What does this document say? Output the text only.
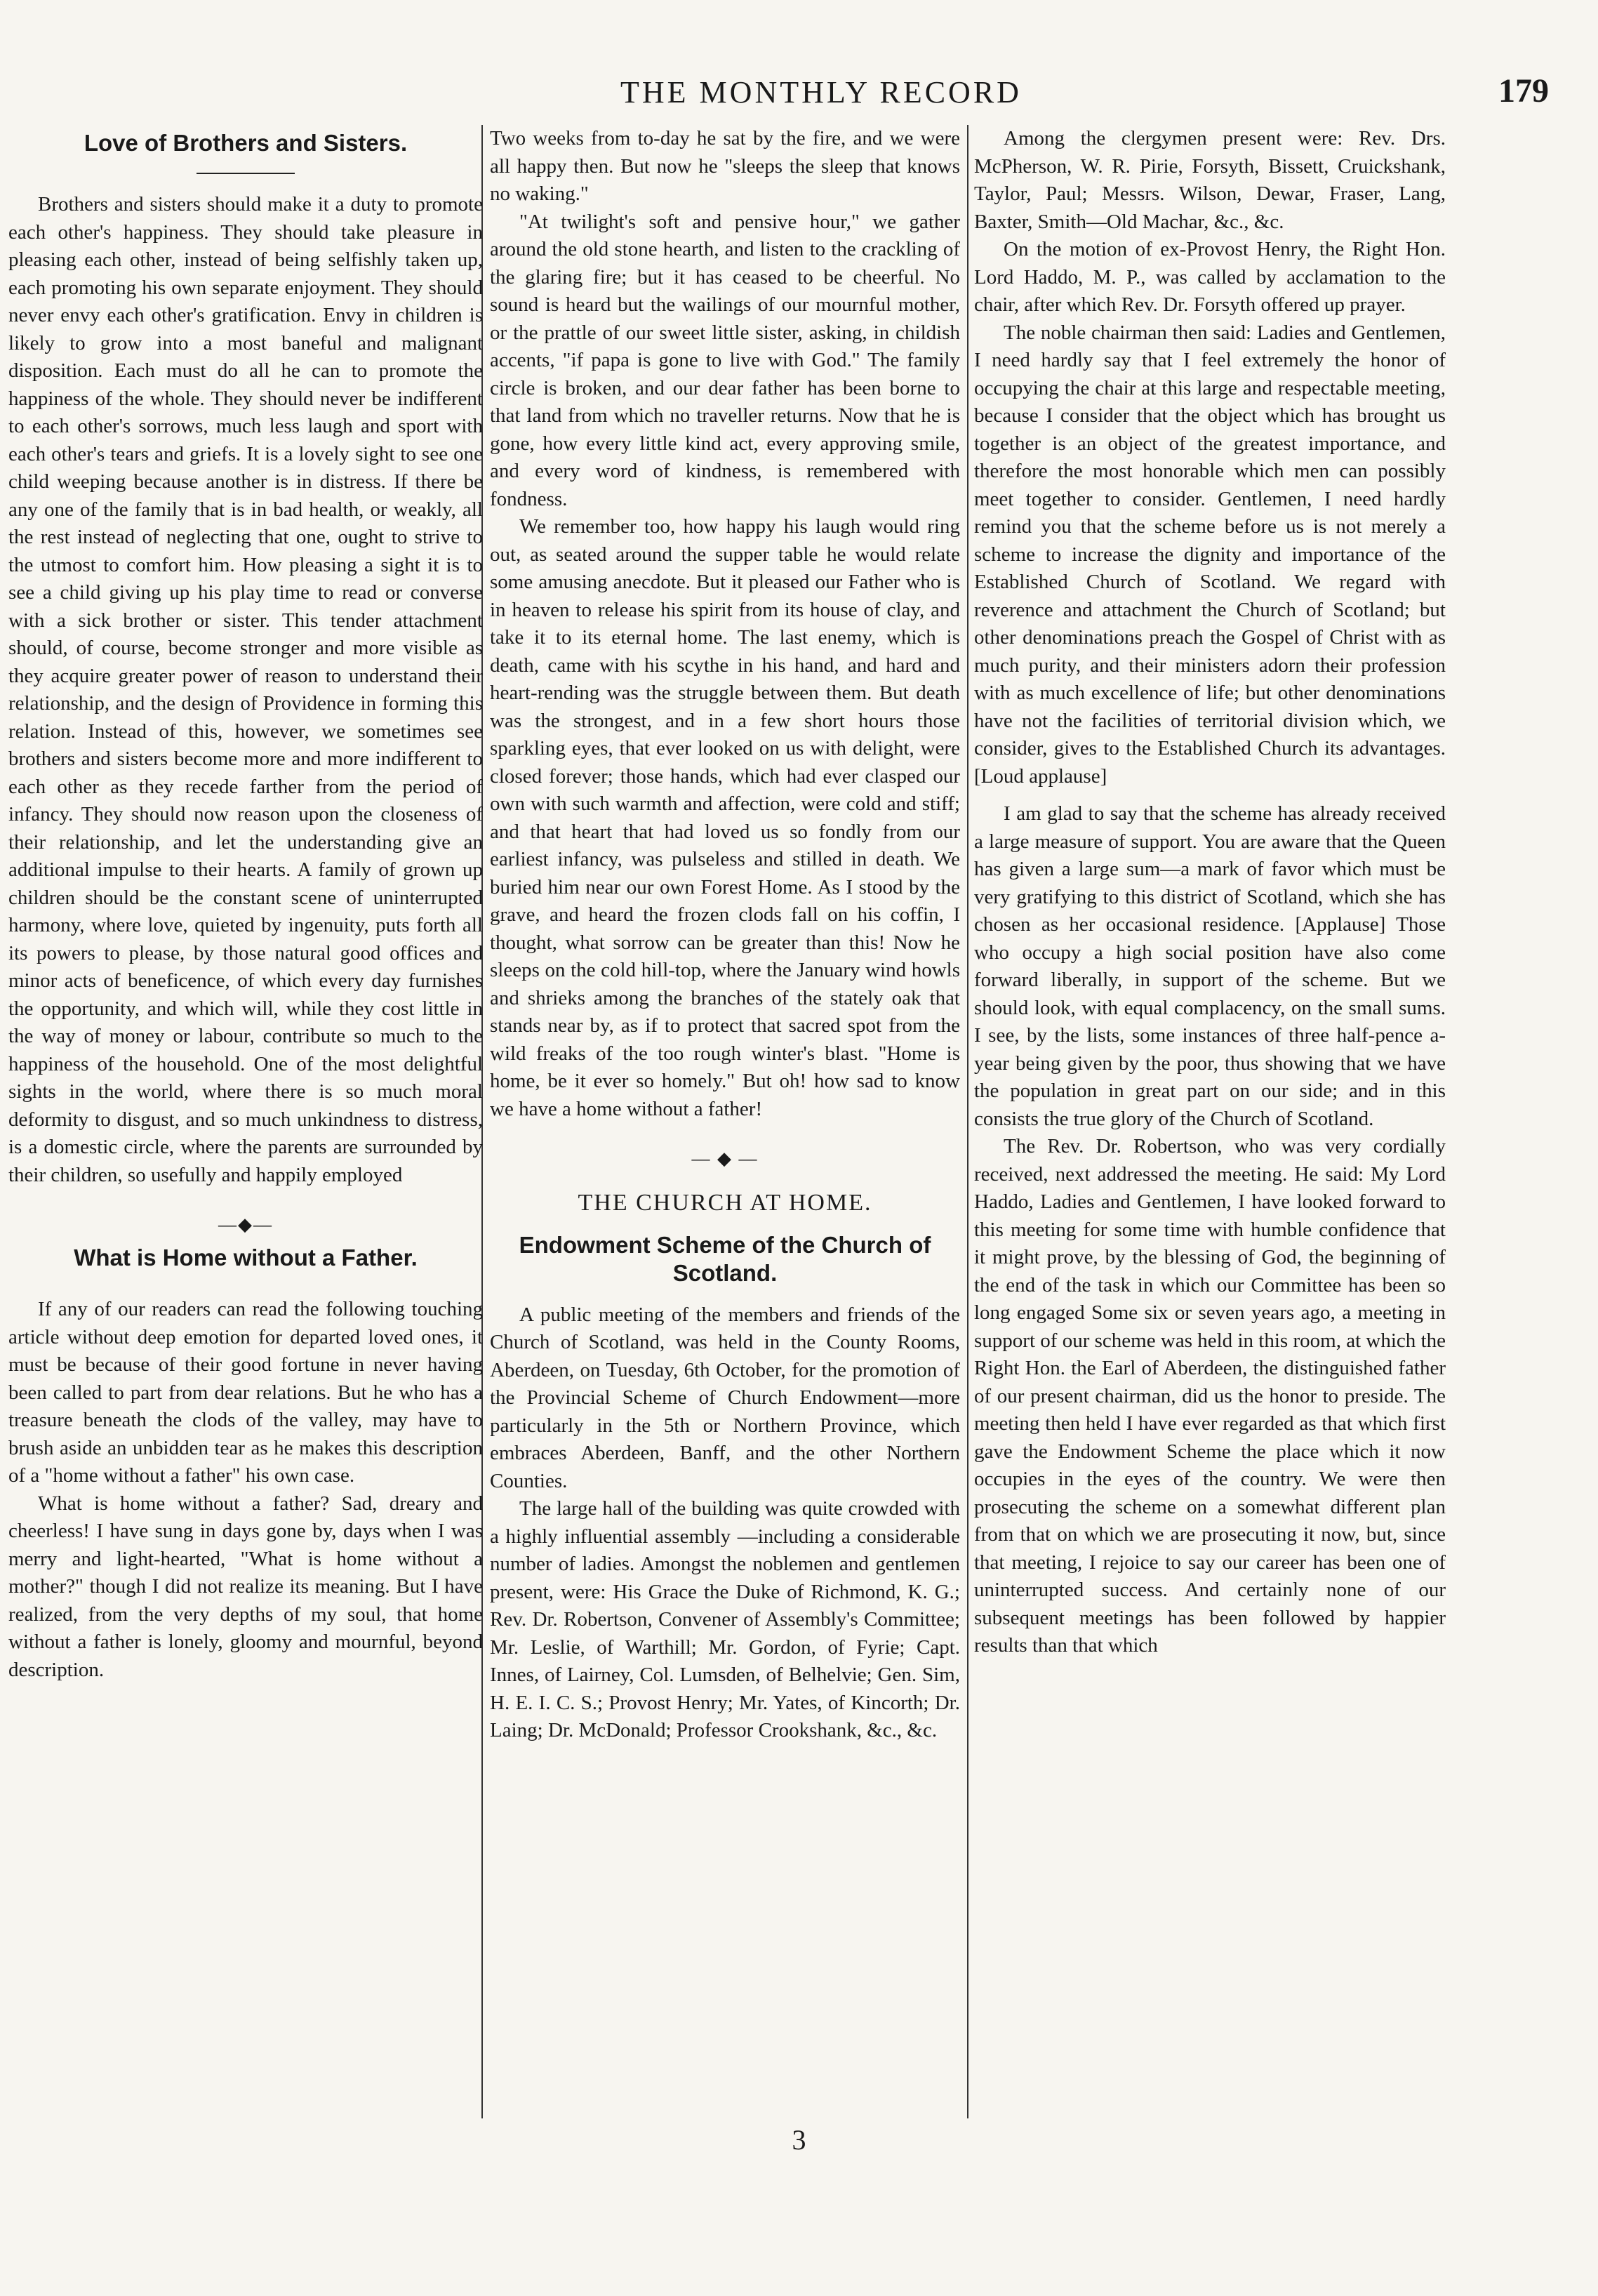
THE MONTHLY RECORD	179
Love of Brothers and Sisters.

Brothers and sisters should make it a duty to promote each other's happiness. They should take pleasure in pleasing each other, instead of being selfishly taken up, each promoting his own separate enjoyment. They should never envy each other's gratification. Envy in children is likely to grow into a most baneful and malignant disposition. Each must do all he can to promote the happiness of the whole. They should never be indifferent to each other's sorrows, much less laugh and sport with each other's tears and griefs. It is a lovely sight to see one child weeping because another is in distress. If there be any one of the family that is in bad health, or weakly, all the rest instead of neglecting that one, ought to strive to the utmost to comfort him. How pleasing a sight it is to see a child giving up his play time to read or converse with a sick brother or sister. This tender attachment should, of course, become stronger and more visible as they acquire greater power of reason to understand their relationship, and the design of Providence in forming this relation. Instead of this, however, we sometimes see brothers and sisters become more and more indifferent to each other as they recede farther from the period of infancy. They should now reason upon the closeness of their relationship, and let the understanding give an additional impulse to their hearts. A family of grown up children should be the constant scene of uninterrupted harmony, where love, quieted by ingenuity, puts forth all its powers to please, by those natural good offices and minor acts of beneficence, of which every day furnishes the opportunity, and which will, while they cost little in the way of money or labour, contribute so much to the happiness of the household. One of the most delightful sights in the world, where there is so much moral deformity to disgust, and so much unkindness to distress, is a domestic circle, where the parents are surrounded by their children, so usefully and happily employed

—◆—
What is Home without a Father.

If any of our readers can read the following touching article without deep emotion for departed loved ones, it must be because of their good fortune in never having been called to part from dear relations. But he who has a treasure beneath the clods of the valley, may have to brush aside an unbidden tear as he makes this description of a "home without a father" his own case.

What is home without a father? Sad, dreary and cheerless! I have sung in days gone by, days when I was merry and light-hearted, "What is home without a mother?" though I did not realize its meaning. But I have realized, from the very depths of my soul, that home without a father is lonely, gloomy and mournful, beyond description.

Two weeks from to-day he sat by the fire, and we were all happy then. But now he "sleeps the sleep that knows no waking."

"At twilight's soft and pensive hour," we gather around the old stone hearth, and listen to the crackling of the glaring fire; but it has ceased to be cheerful. No sound is heard but the wailings of our mournful mother, or the prattle of our sweet little sister, asking, in childish accents, "if papa is gone to live with God." The family circle is broken, and our dear father has been borne to that land from which no traveller returns. Now that he is gone, how every little kind act, every approving smile, and every word of kindness, is remembered with fondness.

We remember too, how happy his laugh would ring out, as seated around the supper table he would relate some amusing anecdote. But it pleased our Father who is in heaven to release his spirit from its house of clay, and take it to its eternal home. The last enemy, which is death, came with his scythe in his hand, and hard and heart-rending was the struggle between them. But death was the strongest, and in a few short hours those sparkling eyes, that ever looked on us with delight, were closed forever; those hands, which had ever clasped our own with such warmth and affection, were cold and stiff; and that heart that had loved us so fondly from our earliest infancy, was pulseless and stilled in death. We buried him near our own Forest Home. As I stood by the grave, and heard the frozen clods fall on his coffin, I thought, what sorrow can be greater than this! Now he sleeps on the cold hill-top, where the January wind howls and shrieks among the branches of the stately oak that stands near by, as if to protect that sacred spot from the wild freaks of the too rough winter's blast. "Home is home, be it ever so homely." But oh! how sad to know we have a home without a father!

— ◆ —
THE CHURCH AT HOME.
Endowment Scheme of the Church of Scotland.

A public meeting of the members and friends of the Church of Scotland, was held in the County Rooms, Aberdeen, on Tuesday, 6th October, for the promotion of the Provincial Scheme of Church Endowment—more particularly in the 5th or Northern Province, which embraces Aberdeen, Banff, and the other Northern Counties.

The large hall of the building was quite crowded with a highly influential assembly —including a considerable number of ladies. Amongst the noblemen and gentlemen present, were: His Grace the Duke of Richmond, K. G.; Rev. Dr. Robertson, Convener of Assembly's Committee; Mr. Leslie, of Warthill; Mr. Gordon, of Fyrie; Capt. Innes, of Lairney, Col. Lumsden, of Belhelvie; Gen. Sim, H. E. I. C. S.; Provost Henry; Mr. Yates, of Kincorth; Dr. Laing; Dr. McDonald; Professor Crookshank, &c., &c.

Among the clergymen present were: Rev. Drs. McPherson, W. R. Pirie, Forsyth, Bissett, Cruickshank, Taylor, Paul; Messrs. Wilson, Dewar, Fraser, Lang, Baxter, Smith—Old Machar, &c., &c.

On the motion of ex-Provost Henry, the Right Hon. Lord Haddo, M. P., was called by acclamation to the chair, after which Rev. Dr. Forsyth offered up prayer.

The noble chairman then said: Ladies and Gentlemen, I need hardly say that I feel extremely the honor of occupying the chair at this large and respectable meeting, because I consider that the object which has brought us together is an object of the greatest importance, and therefore the most honorable which men can possibly meet together to consider. Gentlemen, I need hardly remind you that the scheme before us is not merely a scheme to increase the dignity and importance of the Established Church of Scotland. We regard with reverence and attachment the Church of Scotland; but other denominations preach the Gospel of Christ with as much purity, and their ministers adorn their profession with as much excellence of life; but other denominations have not the facilities of territorial division which, we consider, gives to the Established Church its advantages. [Loud applause]

I am glad to say that the scheme has already received a large measure of support. You are aware that the Queen has given a large sum—a mark of favor which must be very gratifying to this district of Scotland, which she has chosen as her occasional residence. [Applause] Those who occupy a high social position have also come forward liberally, in support of the scheme. But we should look, with equal complacency, on the small sums. I see, by the lists, some instances of three half-pence a-year being given by the poor, thus showing that we have the population in great part on our side; and in this consists the true glory of the Church of Scotland.

The Rev. Dr. Robertson, who was very cordially received, next addressed the meeting. He said: My Lord Haddo, Ladies and Gentlemen, I have looked forward to this meeting for some time with humble confidence that it might prove, by the blessing of God, the beginning of the end of the task in which our Committee has been so long engaged Some six or seven years ago, a meeting in support of our scheme was held in this room, at which the Right Hon. the Earl of Aberdeen, the distinguished father of our present chairman, did us the honor to preside. The meeting then held I have ever regarded as that which first gave the Endowment Scheme the place which it now occupies in the eyes of the country. We were then prosecuting the scheme on a somewhat different plan from that on which we are prosecuting it now, but, since that meeting, I rejoice to say our career has been one of uninterrupted success. And certainly none of our subsequent meetings has been followed by happier results than that which

3
